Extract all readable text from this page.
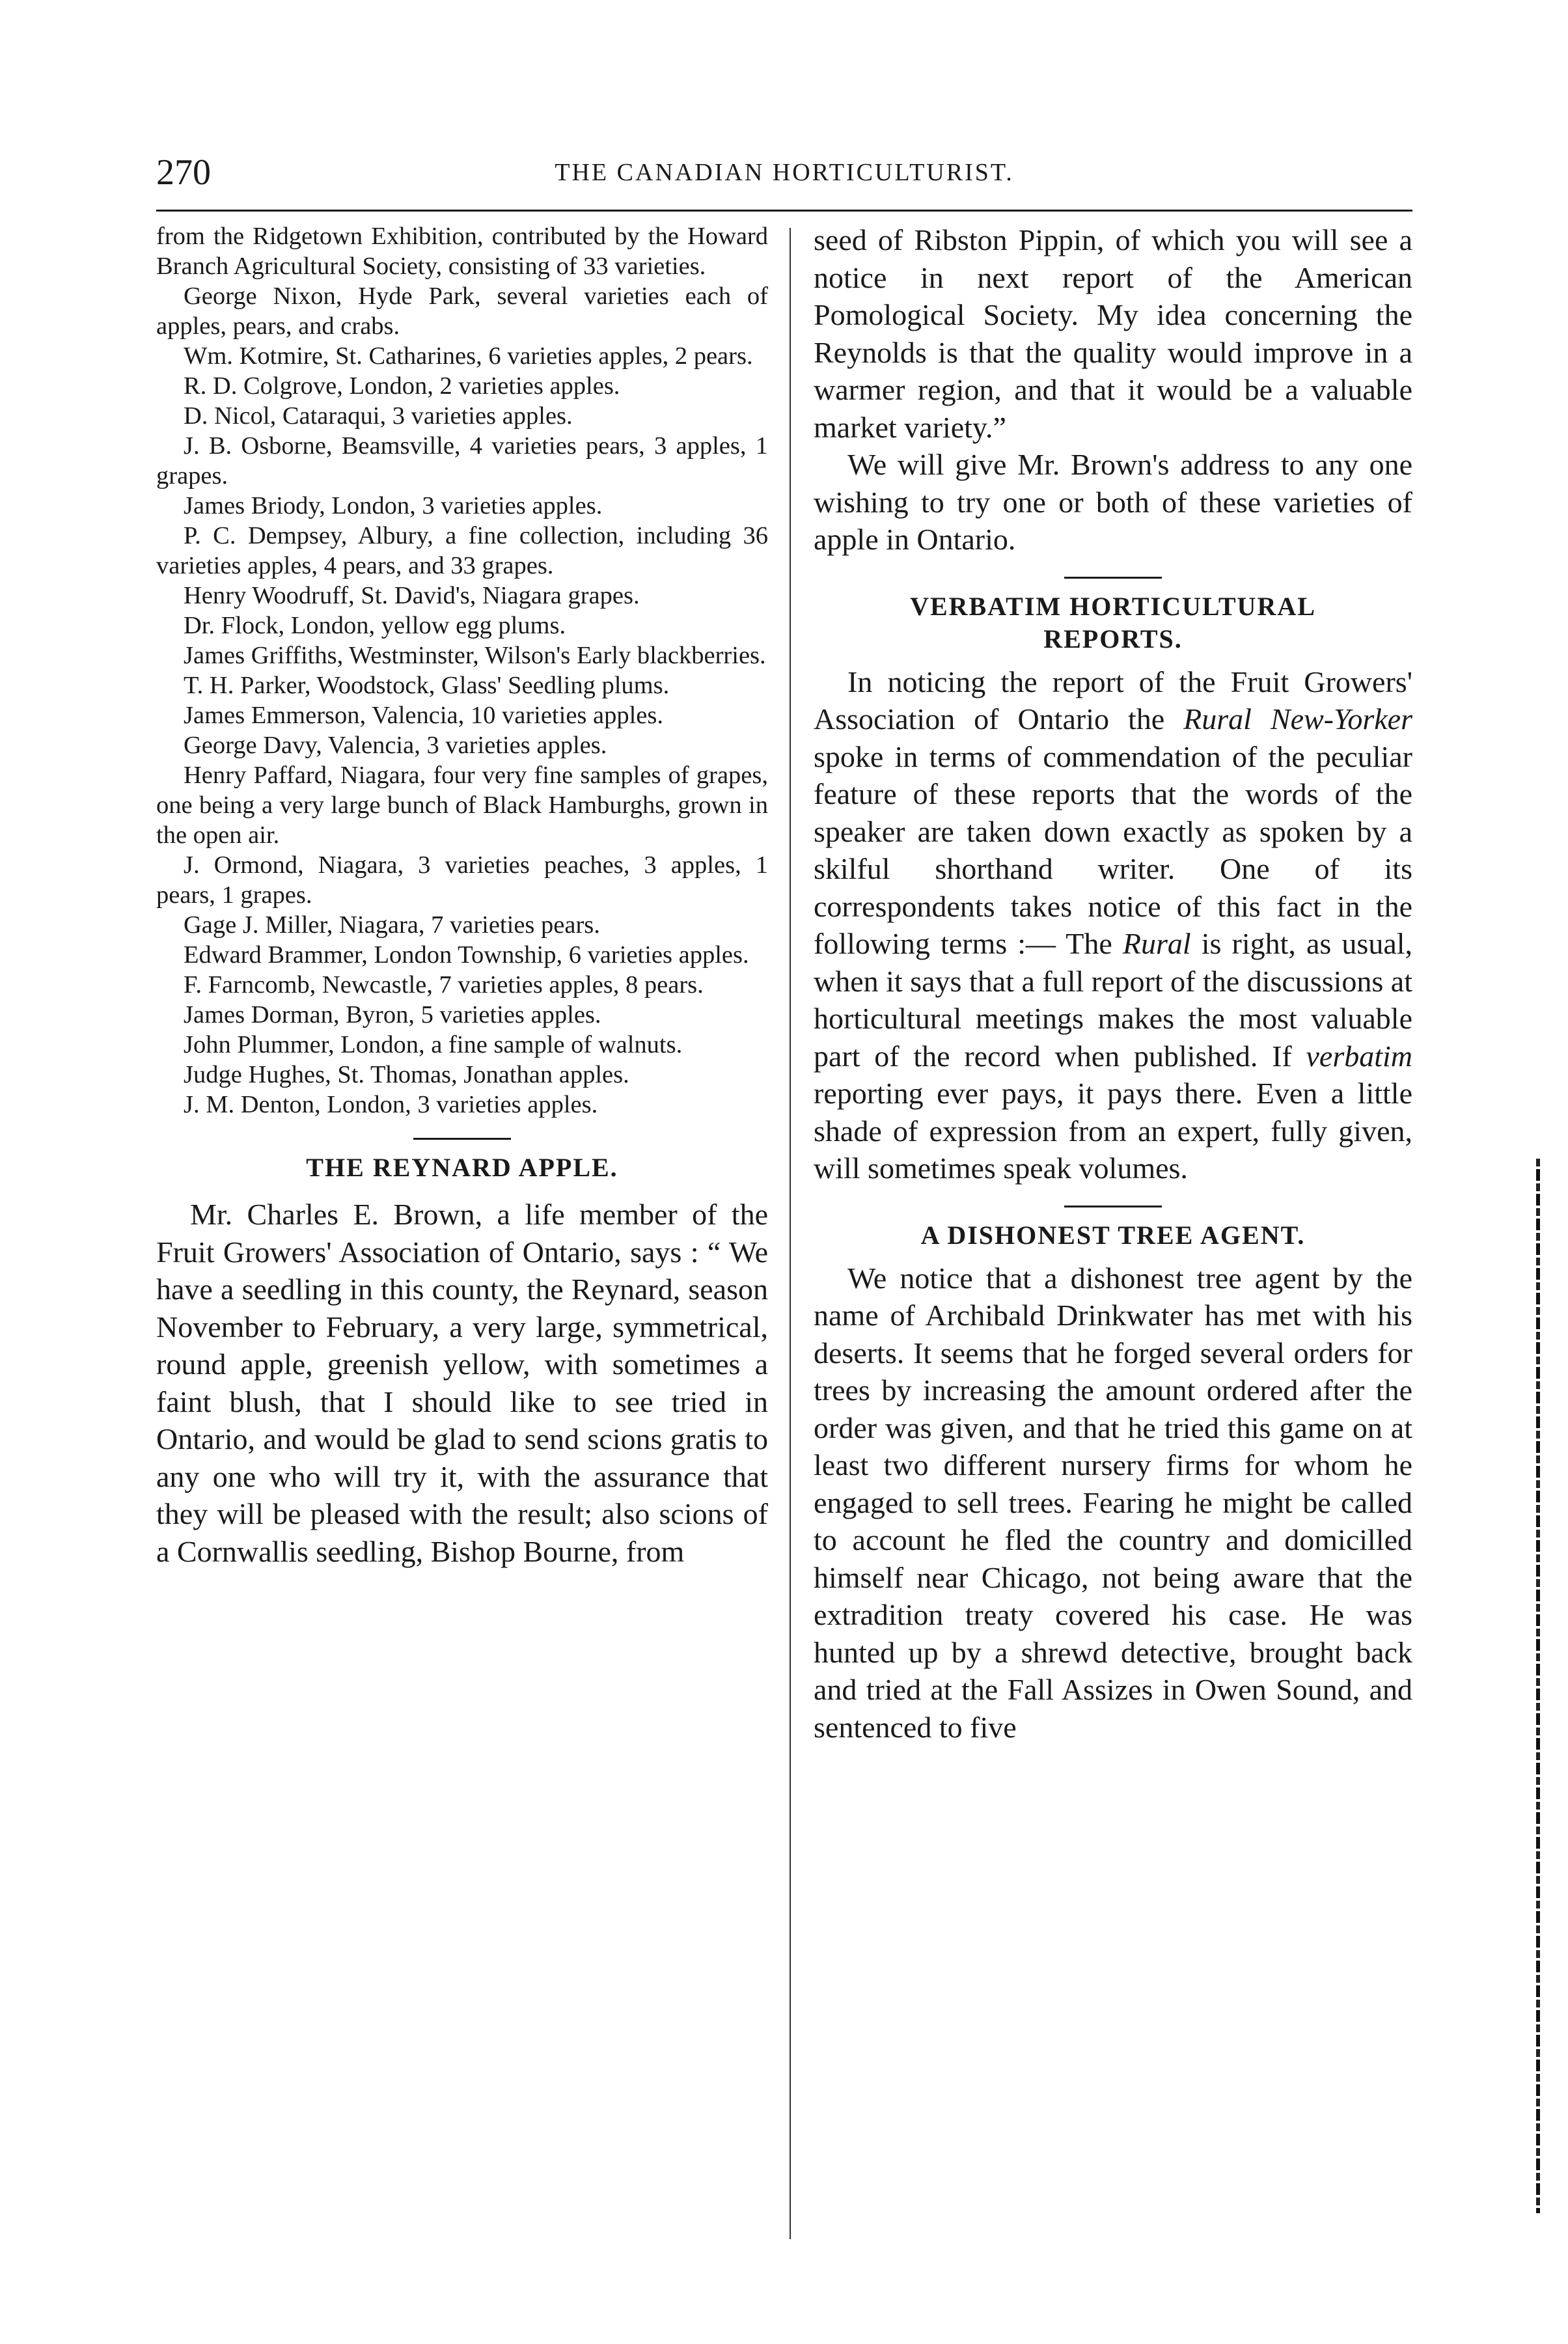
270	THE CANADIAN HORTICULTURIST.

from the Ridgetown Exhibition, contributed by the Howard Branch Agricultural Society, consisting of 33 varieties.

George Nixon, Hyde Park, several varieties each of apples, pears, and crabs.

Wm. Kotmire, St. Catharines, 6 varieties apples, 2 pears.

R. D. Colgrove, London, 2 varieties apples.

D. Nicol, Cataraqui, 3 varieties apples.

J. B. Osborne, Beamsville, 4 varieties pears, 3 apples, 1 grapes.

James Briody, London, 3 varieties apples.

P. C. Dempsey, Albury, a fine collection, including 36 varieties apples, 4 pears, and 33 grapes.

Henry Woodruff, St. David's, Niagara grapes.

Dr. Flock, London, yellow egg plums.

James Griffiths, Westminster, Wilson's Early blackberries.

T. H. Parker, Woodstock, Glass' Seedling plums.

James Emmerson, Valencia, 10 varieties apples.

George Davy, Valencia, 3 varieties apples.

Henry Paffard, Niagara, four very fine samples of grapes, one being a very large bunch of Black Hamburghs, grown in the open air.

J. Ormond, Niagara, 3 varieties peaches, 3 apples, 1 pears, 1 grapes.

Gage J. Miller, Niagara, 7 varieties pears.

Edward Brammer, London Township, 6 varieties apples.

F. Farncomb, Newcastle, 7 varieties apples, 8 pears.

James Dorman, Byron, 5 varieties apples.

John Plummer, London, a fine sample of walnuts.

Judge Hughes, St. Thomas, Jonathan apples.

J. M. Denton, London, 3 varieties apples.

THE REYNARD APPLE.

Mr. Charles E. Brown, a life member of the Fruit Growers' Association of Ontario, says : “ We have a seedling in this county, the Reynard, season November to February, a very large, symmetrical, round apple, greenish yellow, with sometimes a faint blush, that I should like to see tried in Ontario, and would be glad to send scions gratis to any one who will try it, with the assurance that they will be pleased with the result; also scions of a Cornwallis seedling, Bishop Bourne, from

seed of Ribston Pippin, of which you will see a notice in next report of the American Pomological Society. My idea concerning the Reynolds is that the quality would improve in a warmer region, and that it would be a valuable market variety.”

We will give Mr. Brown's address to any one wishing to try one or both of these varieties of apple in Ontario.

VERBATIM HORTICULTURAL
REPORTS.

In noticing the report of the Fruit Growers' Association of Ontario the Rural New-Yorker spoke in terms of commendation of the peculiar feature of these reports that the words of the speaker are taken down exactly as spoken by a skilful shorthand writer. One of its correspondents takes notice of this fact in the following terms :— The Rural is right, as usual, when it says that a full report of the discussions at horticultural meetings makes the most valuable part of the record when published. If verbatim reporting ever pays, it pays there. Even a little shade of expression from an expert, fully given, will sometimes speak volumes.

A DISHONEST TREE AGENT.

We notice that a dishonest tree agent by the name of Archibald Drinkwater has met with his deserts. It seems that he forged several orders for trees by increasing the amount ordered after the order was given, and that he tried this game on at least two different nursery firms for whom he engaged to sell trees. Fearing he might be called to account he fled the country and domicilled himself near Chicago, not being aware that the extradition treaty covered his case. He was hunted up by a shrewd detective, brought back and tried at the Fall Assizes in Owen Sound, and sentenced to five
